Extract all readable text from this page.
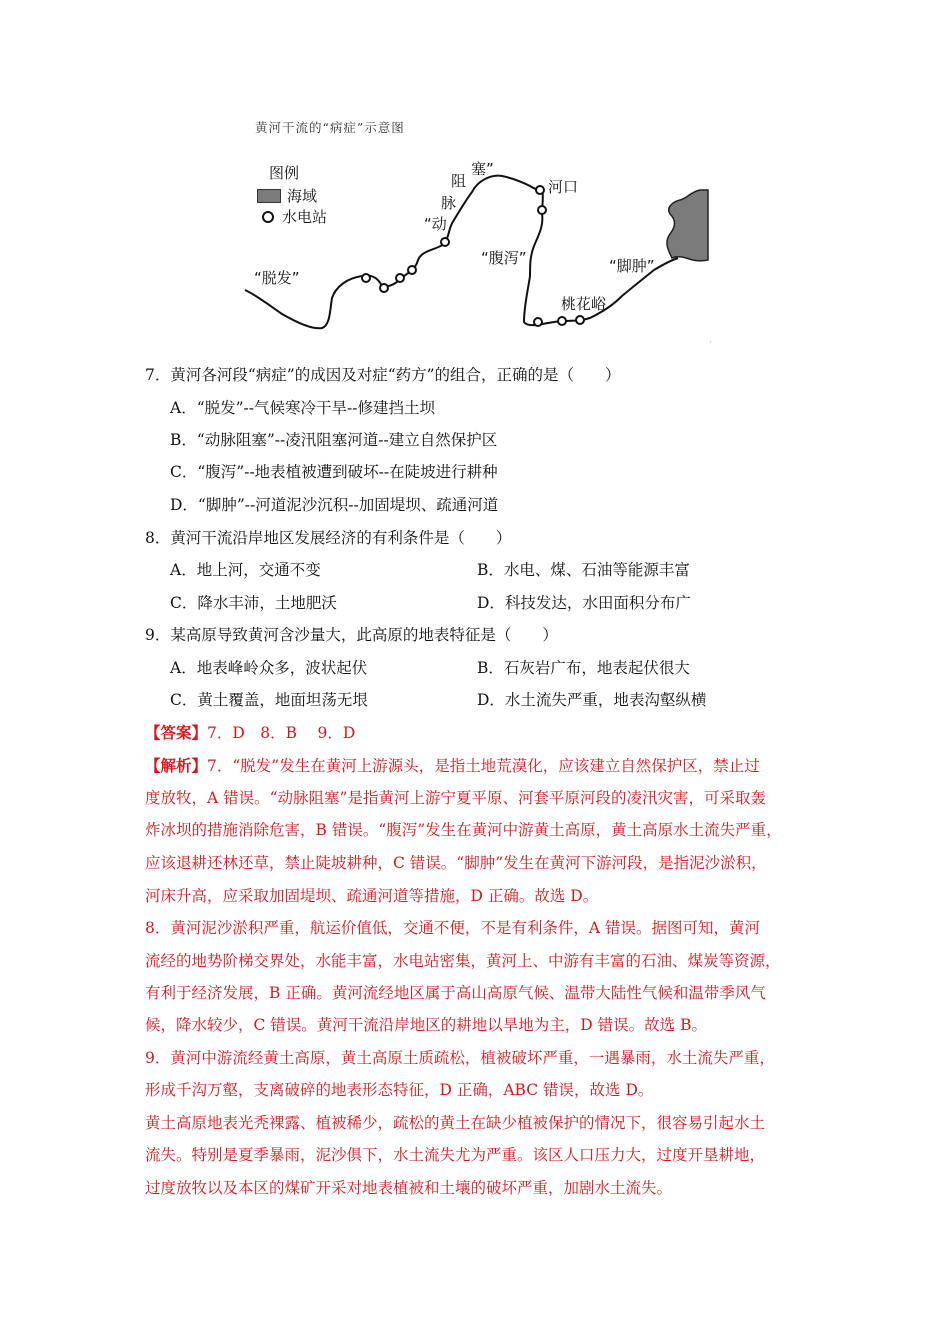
黄河干流的“病症”示意图
'
图例
海域
水电站
“脱发”
“动
脉
阻
塞”
河口
“腹泻”	“脚肿”
桃花峪
7．黄河各河段“病症”的成因及对症“药方”的组合，正确的是（　　）
A．“脱发”--气候寒冷干旱--修建挡土坝
B．“动脉阻塞”--凌汛阻塞河道--建立自然保护区
C．“腹泻”--地表植被遭到破坏--在陡坡进行耕种
D．“脚肿”--河道泥沙沉积--加固堤坝、疏通河道
8．黄河干流沿岸地区发展经济的有利条件是（　　）
A．地上河，交通不变	B．水电、煤、石油等能源丰富
C．降水丰沛，土地肥沃	D．科技发达，水田面积分布广
9．某高原导致黄河含沙量大，此高原的地表特征是（　　）
A．地表峰岭众多，波状起伏	B．石灰岩广布，地表起伏很大
C．黄土覆盖，地面坦荡无垠	D．水土流失严重，地表沟壑纵横
【答案】7．D　8．B　 9．D
【解析】7．“脱发”发生在黄河上游源头，是指土地荒漠化，应该建立自然保护区，禁止过
度放牧，A 错误。“动脉阻塞”是指黄河上游宁夏平原、河套平原河段的凌汛灾害，可采取轰
炸冰坝的措施消除危害，B 错误。“腹泻”发生在黄河中游黄土高原，黄土高原水土流失严重，
应该退耕还林还草，禁止陡坡耕种，C 错误。“脚肿”发生在黄河下游河段，是指泥沙淤积，
河床升高，应采取加固堤坝、疏通河道等措施，D 正确。故选 D。
8．黄河泥沙淤积严重，航运价值低，交通不便，不是有利条件，A 错误。据图可知，黄河
流经的地势阶梯交界处，水能丰富，水电站密集，黄河上、中游有丰富的石油、煤炭等资源，
有利于经济发展，B 正确。黄河流经地区属于高山高原气候、温带大陆性气候和温带季风气
候，降水较少，C 错误。黄河干流沿岸地区的耕地以旱地为主，D 错误。故选 B。
9．黄河中游流经黄土高原，黄土高原土质疏松，植被破坏严重，一遇暴雨，水土流失严重，
形成千沟万壑，支离破碎的地表形态特征，D 正确，ABC 错误，故选 D。
黄土高原地表光秃裸露、植被稀少，疏松的黄土在缺少植被保护的情况下，很容易引起水土
流失。特别是夏季暴雨，泥沙俱下，水土流失尤为严重。该区人口压力大，过度开垦耕地，
过度放牧以及本区的煤矿开采对地表植被和土壤的破坏严重，加剧水土流失。
